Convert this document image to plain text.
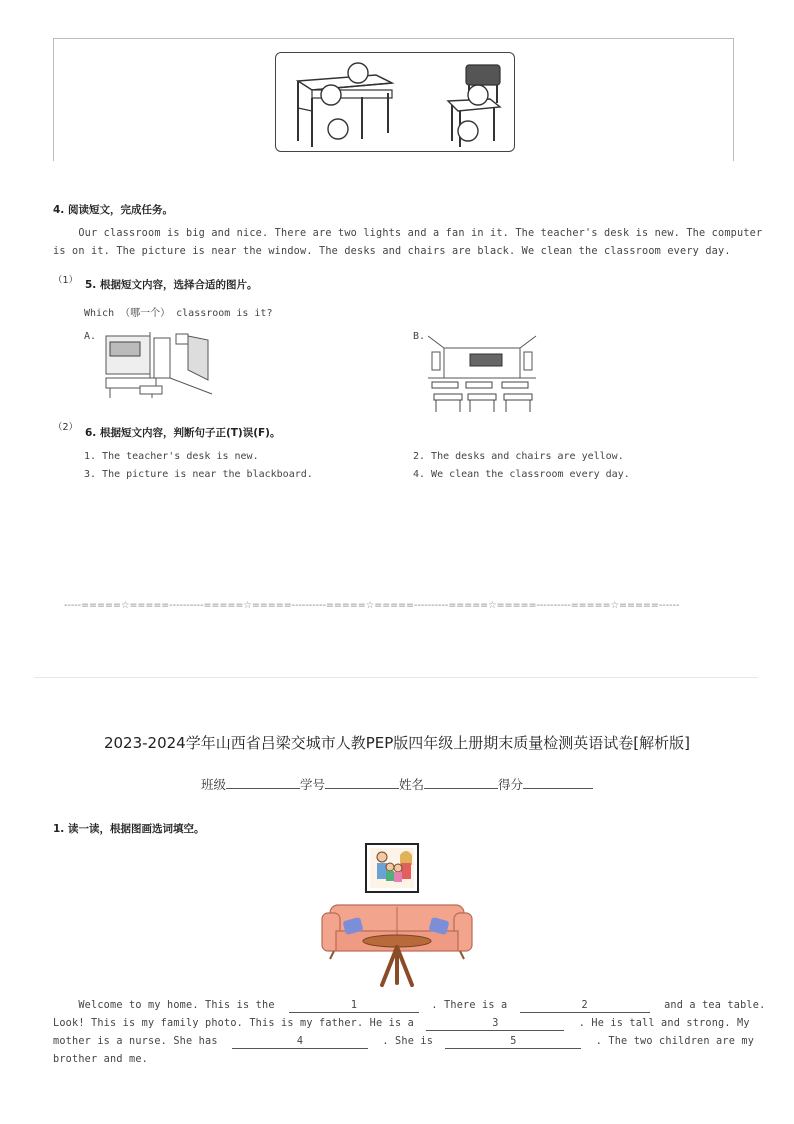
4. 阅读短文，完成任务。
Our classroom is big and nice. There are two lights and a fan in it. The teacher's desk is new. The computer
is on it. The picture is near the window. The desks and chairs are black. We clean the classroom every day.
（1） 5. 根据短文内容，选择合适的图片。
Which （哪一个） classroom is it?
A.	B.
（2） 6. 根据短文内容，判断句子正(T)误(F)。
1. The teacher's desk is new.	2. The desks and chairs are yellow.
3. The picture is near the blackboard.	4. We clean the classroom every day.
-----=====☆=====----------=====☆=====----------=====☆=====----------=====☆=====----------=====☆=====------
2023-2024学年山西省吕梁交城市人教PEP版四年级上册期末质量检测英语试卷[解析版]
班级	学号	姓名	得分
1. 读一读，根据图画选词填空。
Welcome to my home. This is the	1	. There is a	2	and a tea table.
Look! This is my family photo. This is my father. He is a	3	. He is tall and strong. My
mother is a nurse. She has	4	. She is	5	. The two children are my
brother and me.
